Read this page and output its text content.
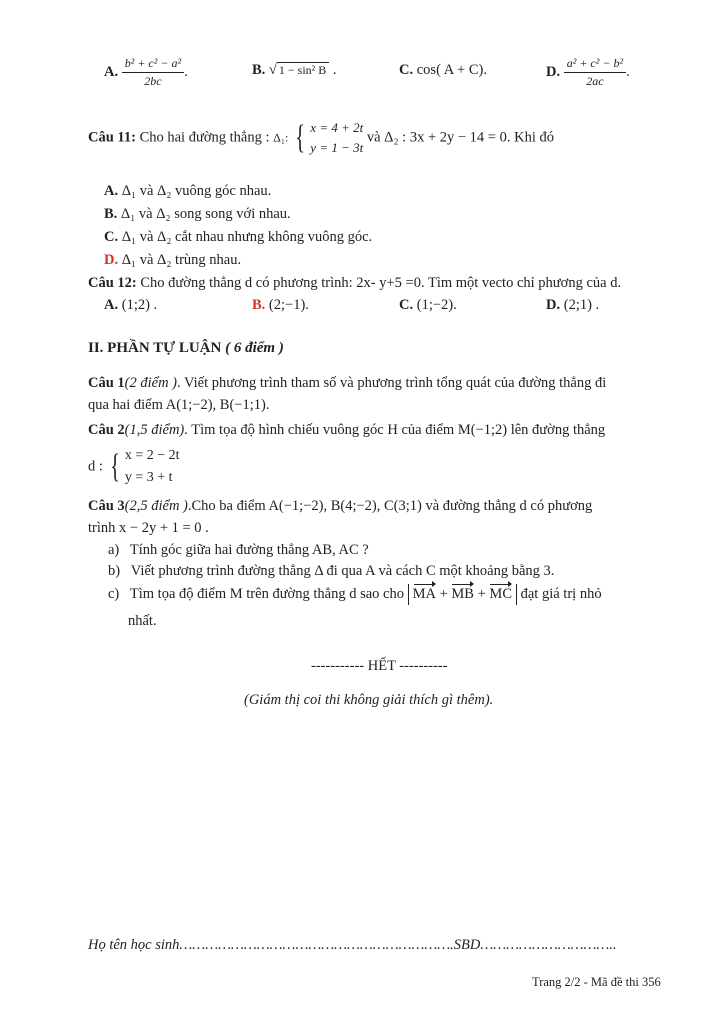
A. $\frac{\text{b² + c² − a²}}{2bc}$ .	B. √ 1 − sin² B .	C. cos( A + C).	D. $\frac{\text{a² + c² − b²}}{2ac}$ .
Câu 11: Cho hai đường thẳng : Δ₁: { x = 4 + 2t
y = 1 − 3t
và Δ₂ : 3x + 2y − 14 = 0. Khi đó
A. Δ₁ và Δ₂ vuông góc nhau.
B. Δ₁ và Δ₂ song song với nhau.
C. Δ₁ và Δ₂ cắt nhau nhưng không vuông góc.
D. Δ₁ và Δ₂ trùng nhau.
Câu 12: Cho đường thẳng d có phương trình: 2x- y+5 =0. Tìm một vecto chỉ phương của d.
A. (1;2) .	B. (2;−1).	C. (1;−2).	D. (2;1) .
II. PHẦN TỰ LUẬN ( 6 điểm )
Câu 1(2 điểm ). Viết phương trình tham số và phương trình tổng quát của đường thẳng đi
qua hai điểm A(1;−2), B(−1;1).
Câu 2(1,5 điểm). Tìm tọa độ hình chiếu vuông góc H của điểm M(−1;2) lên đường thẳng
d : { x = 2 − 2t
y = 3 + t
Câu 3(2,5 điểm ).Cho ba điểm A(−1;−2), B(4;−2), C(3;1) và đường thẳng d có phương
trình x − 2y + 1 = 0 .
a) Tính góc giữa hai đường thẳng AB, AC ?
b) Viết phương trình đường thẳng Δ đi qua A và cách C một khoảng bằng 3.
c) Tìm tọa độ điểm M trên đường thẳng d sao cho MA + MB + MC đạt giá trị nhỏ
nhất.
----------- HẾT ----------
(Giám thị coi thi không giải thích gì thêm).
Họ tên học sinh……………………………………………………….SBD…………………………..
Trang 2/2 - Mã đề thi 356
